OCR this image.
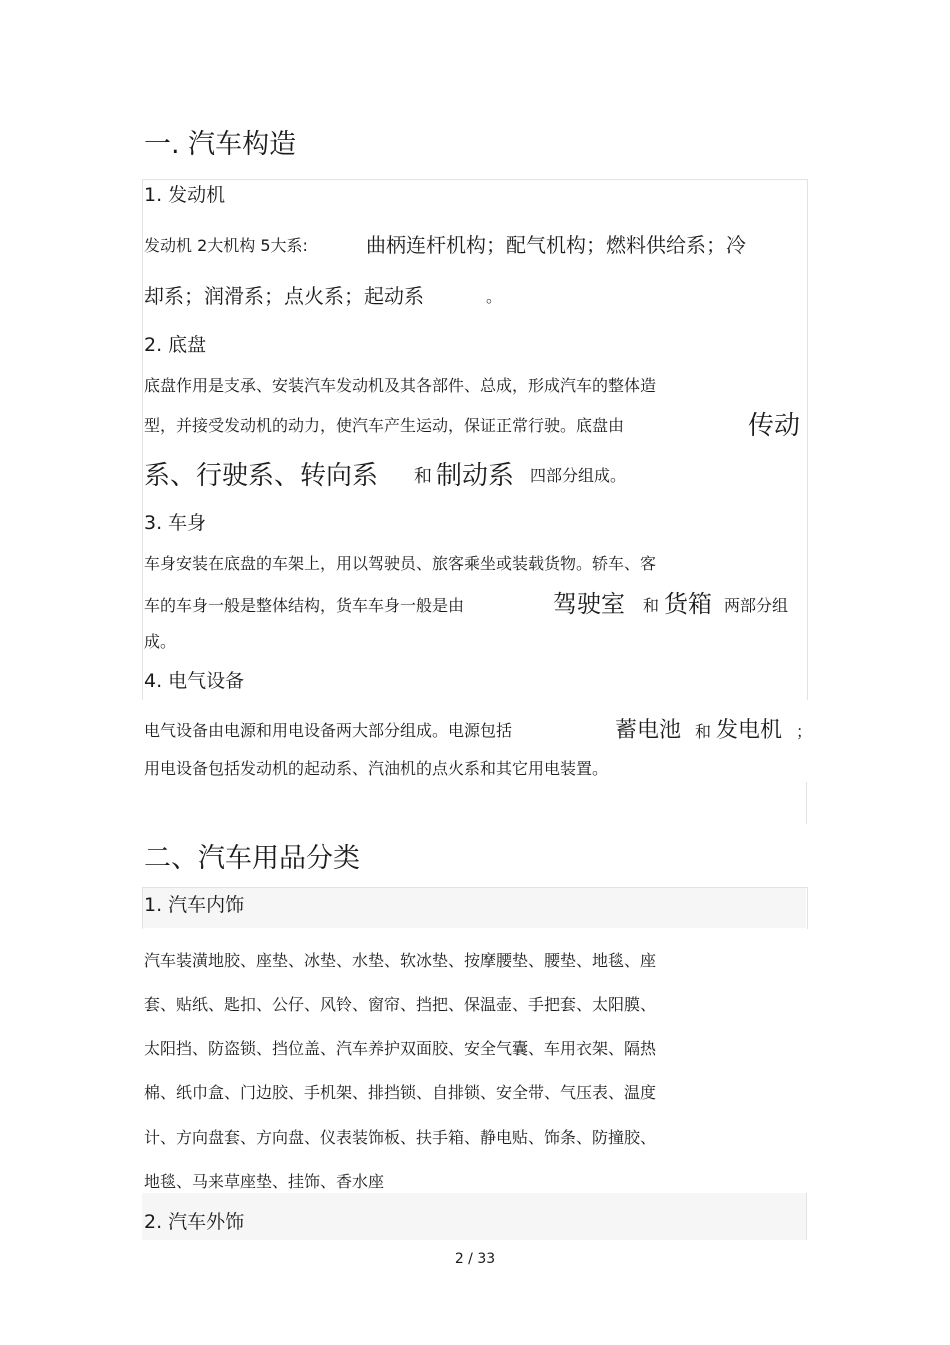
一. 汽车构造
1. 发动机
发动机 2大机构 5大系:	曲柄连杆机构；配气机构；燃料供给系；冷
却系；润滑系；点火系；起动系	。
2. 底盘
底盘作用是支承、安装汽车发动机及其各部件、总成，形成汽车的整体造
型，并接受发动机的动力，使汽车产生运动，保证正常行驶。底盘由	传动
系、行驶系、转向系 和 制动系 四部分组成。
3. 车身
车身安装在底盘的车架上，用以驾驶员、旅客乘坐或装载货物。轿车、客
车的车身一般是整体结构，货车车身一般是由	驾驶室 和 货箱 两部分组
成。
4. 电气设备
电气设备由电源和用电设备两大部分组成。电源包括	蓄电池 和 发电机 ；
用电设备包括发动机的起动系、汽油机的点火系和其它用电装置。
二、汽车用品分类
1. 汽车内饰
汽车装潢地胶、座垫、冰垫、水垫、软冰垫、按摩腰垫、腰垫、地毯、座
套、贴纸、匙扣、公仔、风铃、窗帘、挡把、保温壶、手把套、太阳膜、
太阳挡、防盗锁、挡位盖、汽车养护双面胶、安全气囊、车用衣架、隔热
棉、纸巾盒、门边胶、手机架、排挡锁、自排锁、安全带、气压表、温度
计、方向盘套、方向盘、仪表装饰板、扶手箱、静电贴、饰条、防撞胶、
地毯、马来草座垫、挂饰、香水座
2. 汽车外饰
2 / 33
